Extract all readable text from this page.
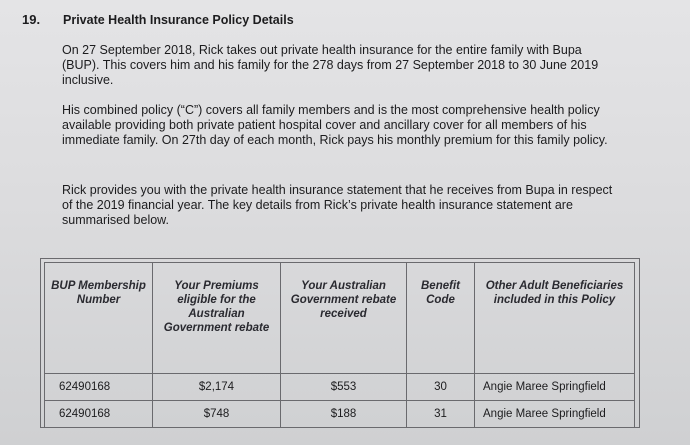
19. Private Health Insurance Policy Details

On 27 September 2018, Rick takes out private health insurance for the entire family with Bupa (BUP). This covers him and his family for the 278 days from 27 September 2018 to 30 June 2019 inclusive.

His combined policy (“C”) covers all family members and is the most comprehensive health policy available providing both private patient hospital cover and ancillary cover for all members of his immediate family. On 27th day of each month, Rick pays his monthly premium for this family policy.

Rick provides you with the private health insurance statement that he receives from Bupa in respect of the 2019 financial year. The key details from Rick’s private health insurance statement are summarised below.

BUP Membership Number	Your Premiums eligible for the Australian Government rebate	Your Australian Government rebate received	Benefit Code	Other Adult Beneficiaries included in this Policy
62490168	$2,174	$553	30	Angie Maree Springfield
62490168	$748	$188	31	Angie Maree Springfield
